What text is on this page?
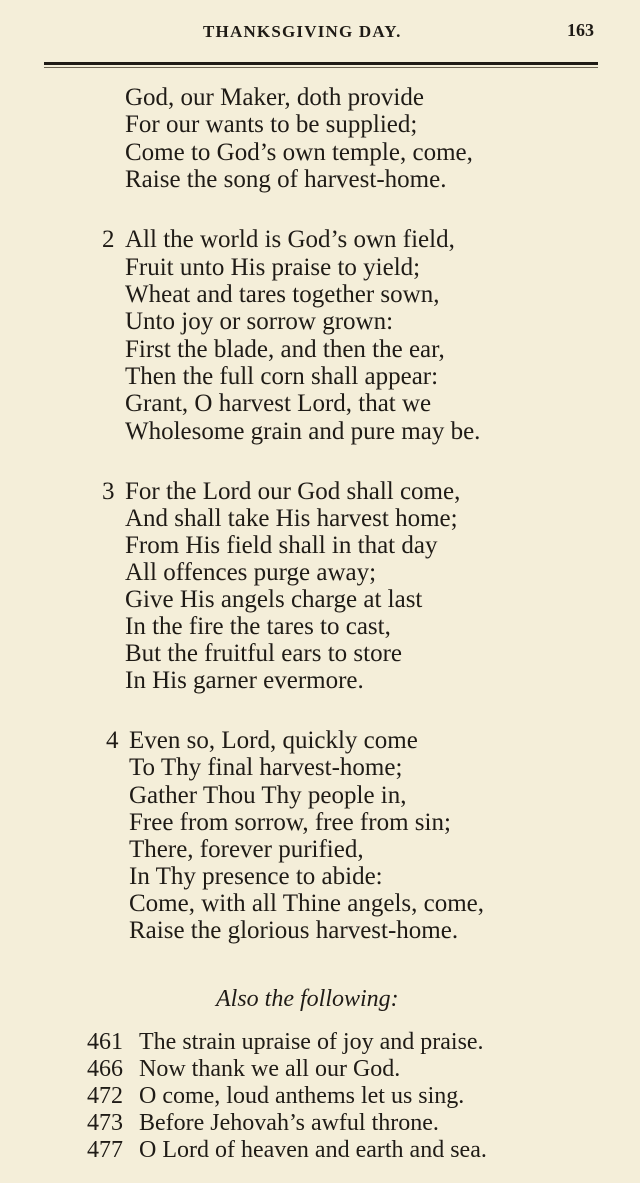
THANKSGIVING DAY.	163
God, our Maker, doth provide
For our wants to be supplied;
Come to God’s own temple, come,
Raise the song of harvest-home.
2 All the world is God’s own field,
Fruit unto His praise to yield;
Wheat and tares together sown,
Unto joy or sorrow grown:
First the blade, and then the ear,
Then the full corn shall appear:
Grant, O harvest Lord, that we
Wholesome grain and pure may be.
3 For the Lord our God shall come,
And shall take His harvest home;
From His field shall in that day
All offences purge away;
Give His angels charge at last
In the fire the tares to cast,
But the fruitful ears to store
In His garner evermore.
4 Even so, Lord, quickly come
To Thy final harvest-home;
Gather Thou Thy people in,
Free from sorrow, free from sin;
There, forever purified,
In Thy presence to abide:
Come, with all Thine angels, come,
Raise the glorious harvest-home.
Also the following:
461 The strain upraise of joy and praise.
466 Now thank we all our God.
472 O come, loud anthems let us sing.
473 Before Jehovah’s awful throne.
477 O Lord of heaven and earth and sea.
